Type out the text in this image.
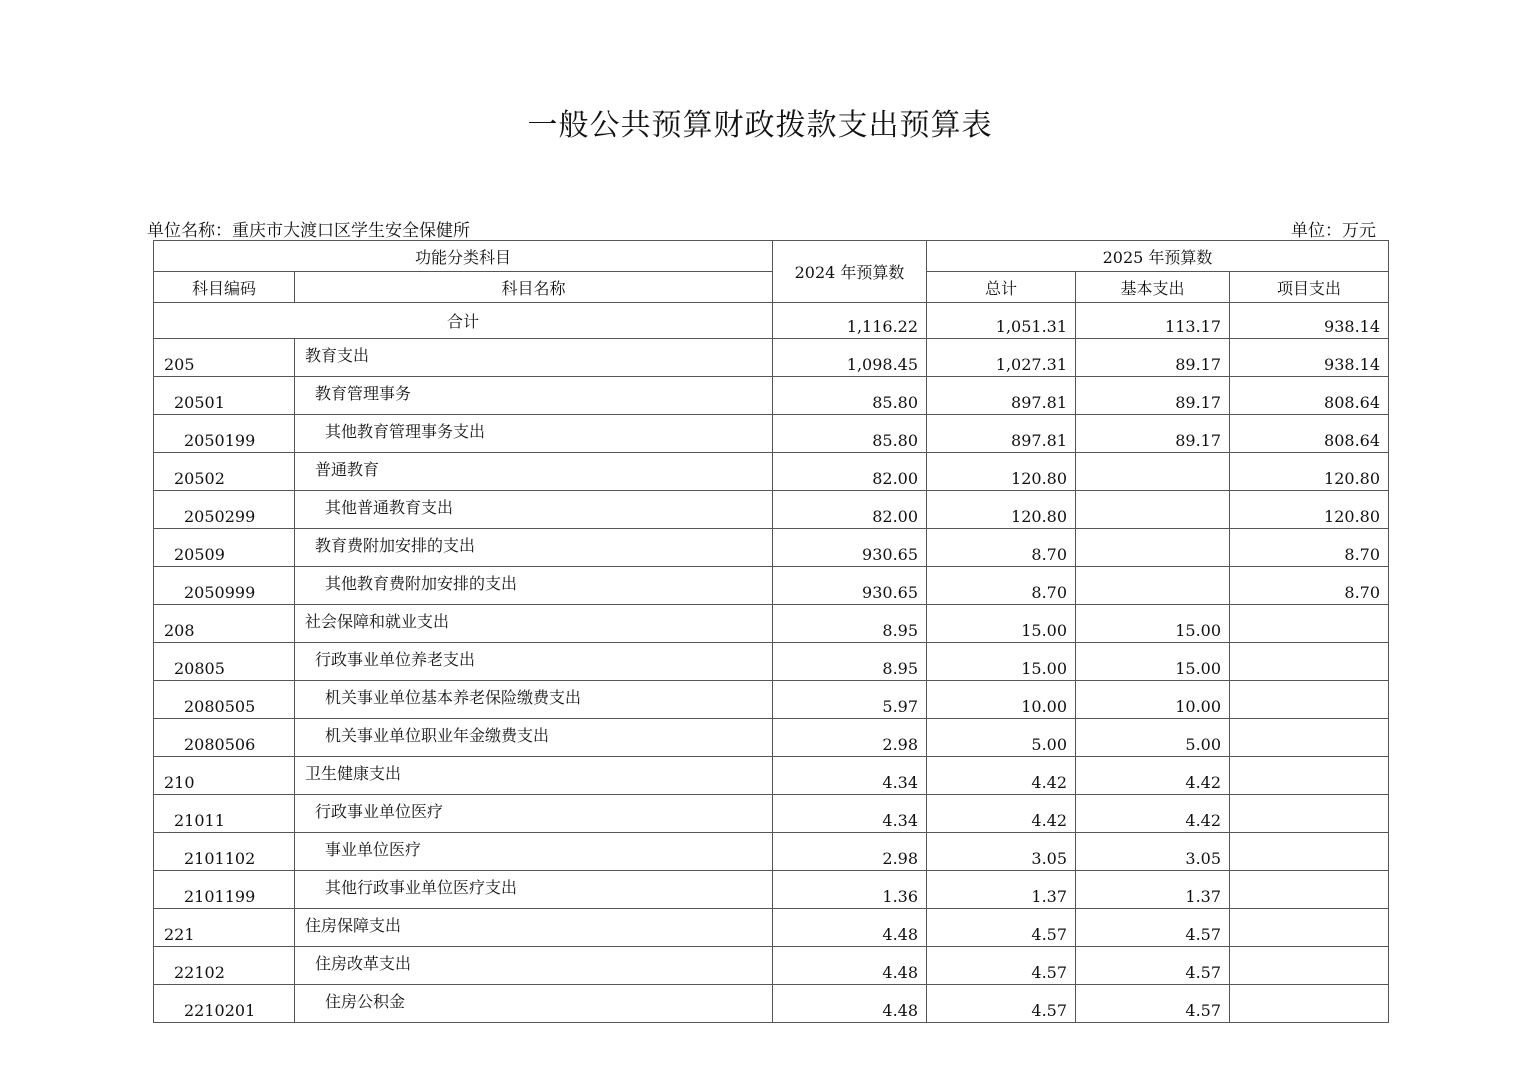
一般公共预算财政拨款支出预算表
单位名称：重庆市大渡口区学生安全保健所	单位：万元
功能分类科目		2024 年预算数	2025 年预算数		
科目编码	科目名称		总计	基本支出	项目支出
合计		1,116.22	1,051.31	113.17	938.14
205	教育支出	1,098.45	1,027.31	89.17	938.14
20501	教育管理事务	85.80	897.81	89.17	808.64
2050199	其他教育管理事务支出	85.80	897.81	89.17	808.64
20502	普通教育	82.00	120.80		120.80
2050299	其他普通教育支出	82.00	120.80		120.80
20509	教育费附加安排的支出	930.65	8.70		8.70
2050999	其他教育费附加安排的支出	930.65	8.70		8.70
208	社会保障和就业支出	8.95	15.00	15.00	
20805	行政事业单位养老支出	8.95	15.00	15.00	
2080505	机关事业单位基本养老保险缴费支出	5.97	10.00	10.00	
2080506	机关事业单位职业年金缴费支出	2.98	5.00	5.00	
210	卫生健康支出	4.34	4.42	4.42	
21011	行政事业单位医疗	4.34	4.42	4.42	
2101102	事业单位医疗	2.98	3.05	3.05	
2101199	其他行政事业单位医疗支出	1.36	1.37	1.37	
221	住房保障支出	4.48	4.57	4.57	
22102	住房改革支出	4.48	4.57	4.57	
2210201	住房公积金	4.48	4.57	4.57	
